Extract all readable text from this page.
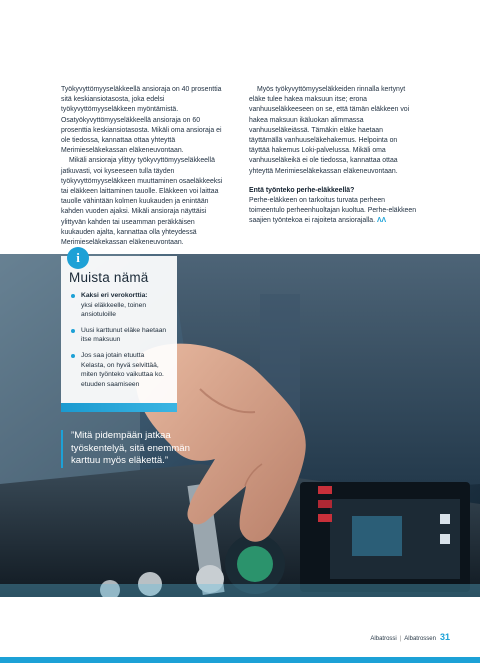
Työkyvyttömyyseläkkeellä ansioraja on 40 prosenttia sitä keskiansiotasosta, joka edelsi työkyvyttömyyseläkkeen myöntämistä. Osatyökyvyttömyyseläkkeellä ansioraja on 60 prosenttia keskiansiotasosta. Mikäli oma ansioraja ei ole tiedossa, kannattaa ottaa yhteyttä Merimieseläkekassan eläkeneuvontaan.

Mikäli ansioraja ylittyy työkyvyttömyyseläkkeellä jatkuvasti, voi kyseeseen tulla täyden työkyvyttömyyseläkkeen muuttaminen osaeläkkeeksi tai eläkkeen laittaminen tauolle. Eläkkeen voi laittaa tauolle vähintään kolmen kuukauden ja enintään kahden vuoden ajaksi. Mikäli ansioraja näyttäisi ylittyvän kahden tai useamman peräkkäisen kuukauden ajalta, kannattaa olla yhteydessä Merimieseläkekassan eläkeneuvontaan.

Myös työkyvyttömyyseläkkeiden rinnalla kertynyt eläke tulee hakea maksuun itse; erona vanhuuseläkkeeseen on se, että tämän eläkkeen voi hakea maksuun ikäluokan alimmassa vanhuuseläkeiässä. Tämäkin eläke haetaan täyttämällä vanhuuseläkehakemus. Helpointa on täyttää hakemus Loki-palvelussa. Mikäli oma vanhuuseläkeikä ei ole tiedossa, kannattaa ottaa yhteyttä Merimieseläkekassan eläkeneuvontaan.

Entä työnteko perhe-eläkkeellä?

Perhe-eläkkeen on tarkoitus turvata perheen toimeentulo perheenhuoltajan kuoltua. Perhe-eläkkeen saajien työntekoa ei rajoiteta ansiorajalla. ΛΛ

i
Muista nämä
Kaksi eri verokorttia:
yksi eläkkeelle, toinen ansiotuloille
Uusi karttunut eläke haetaan itse maksuun
Jos saa jotain etuutta Kelasta, on hyvä selvittää, miten työnteko vaikuttaa ko. etuuden saamiseen
”Mitä pidempään jatkaa työskentelyä, sitä enemmän karttuu myös eläkettä.”
Albatrossi | Albatrossen 31
